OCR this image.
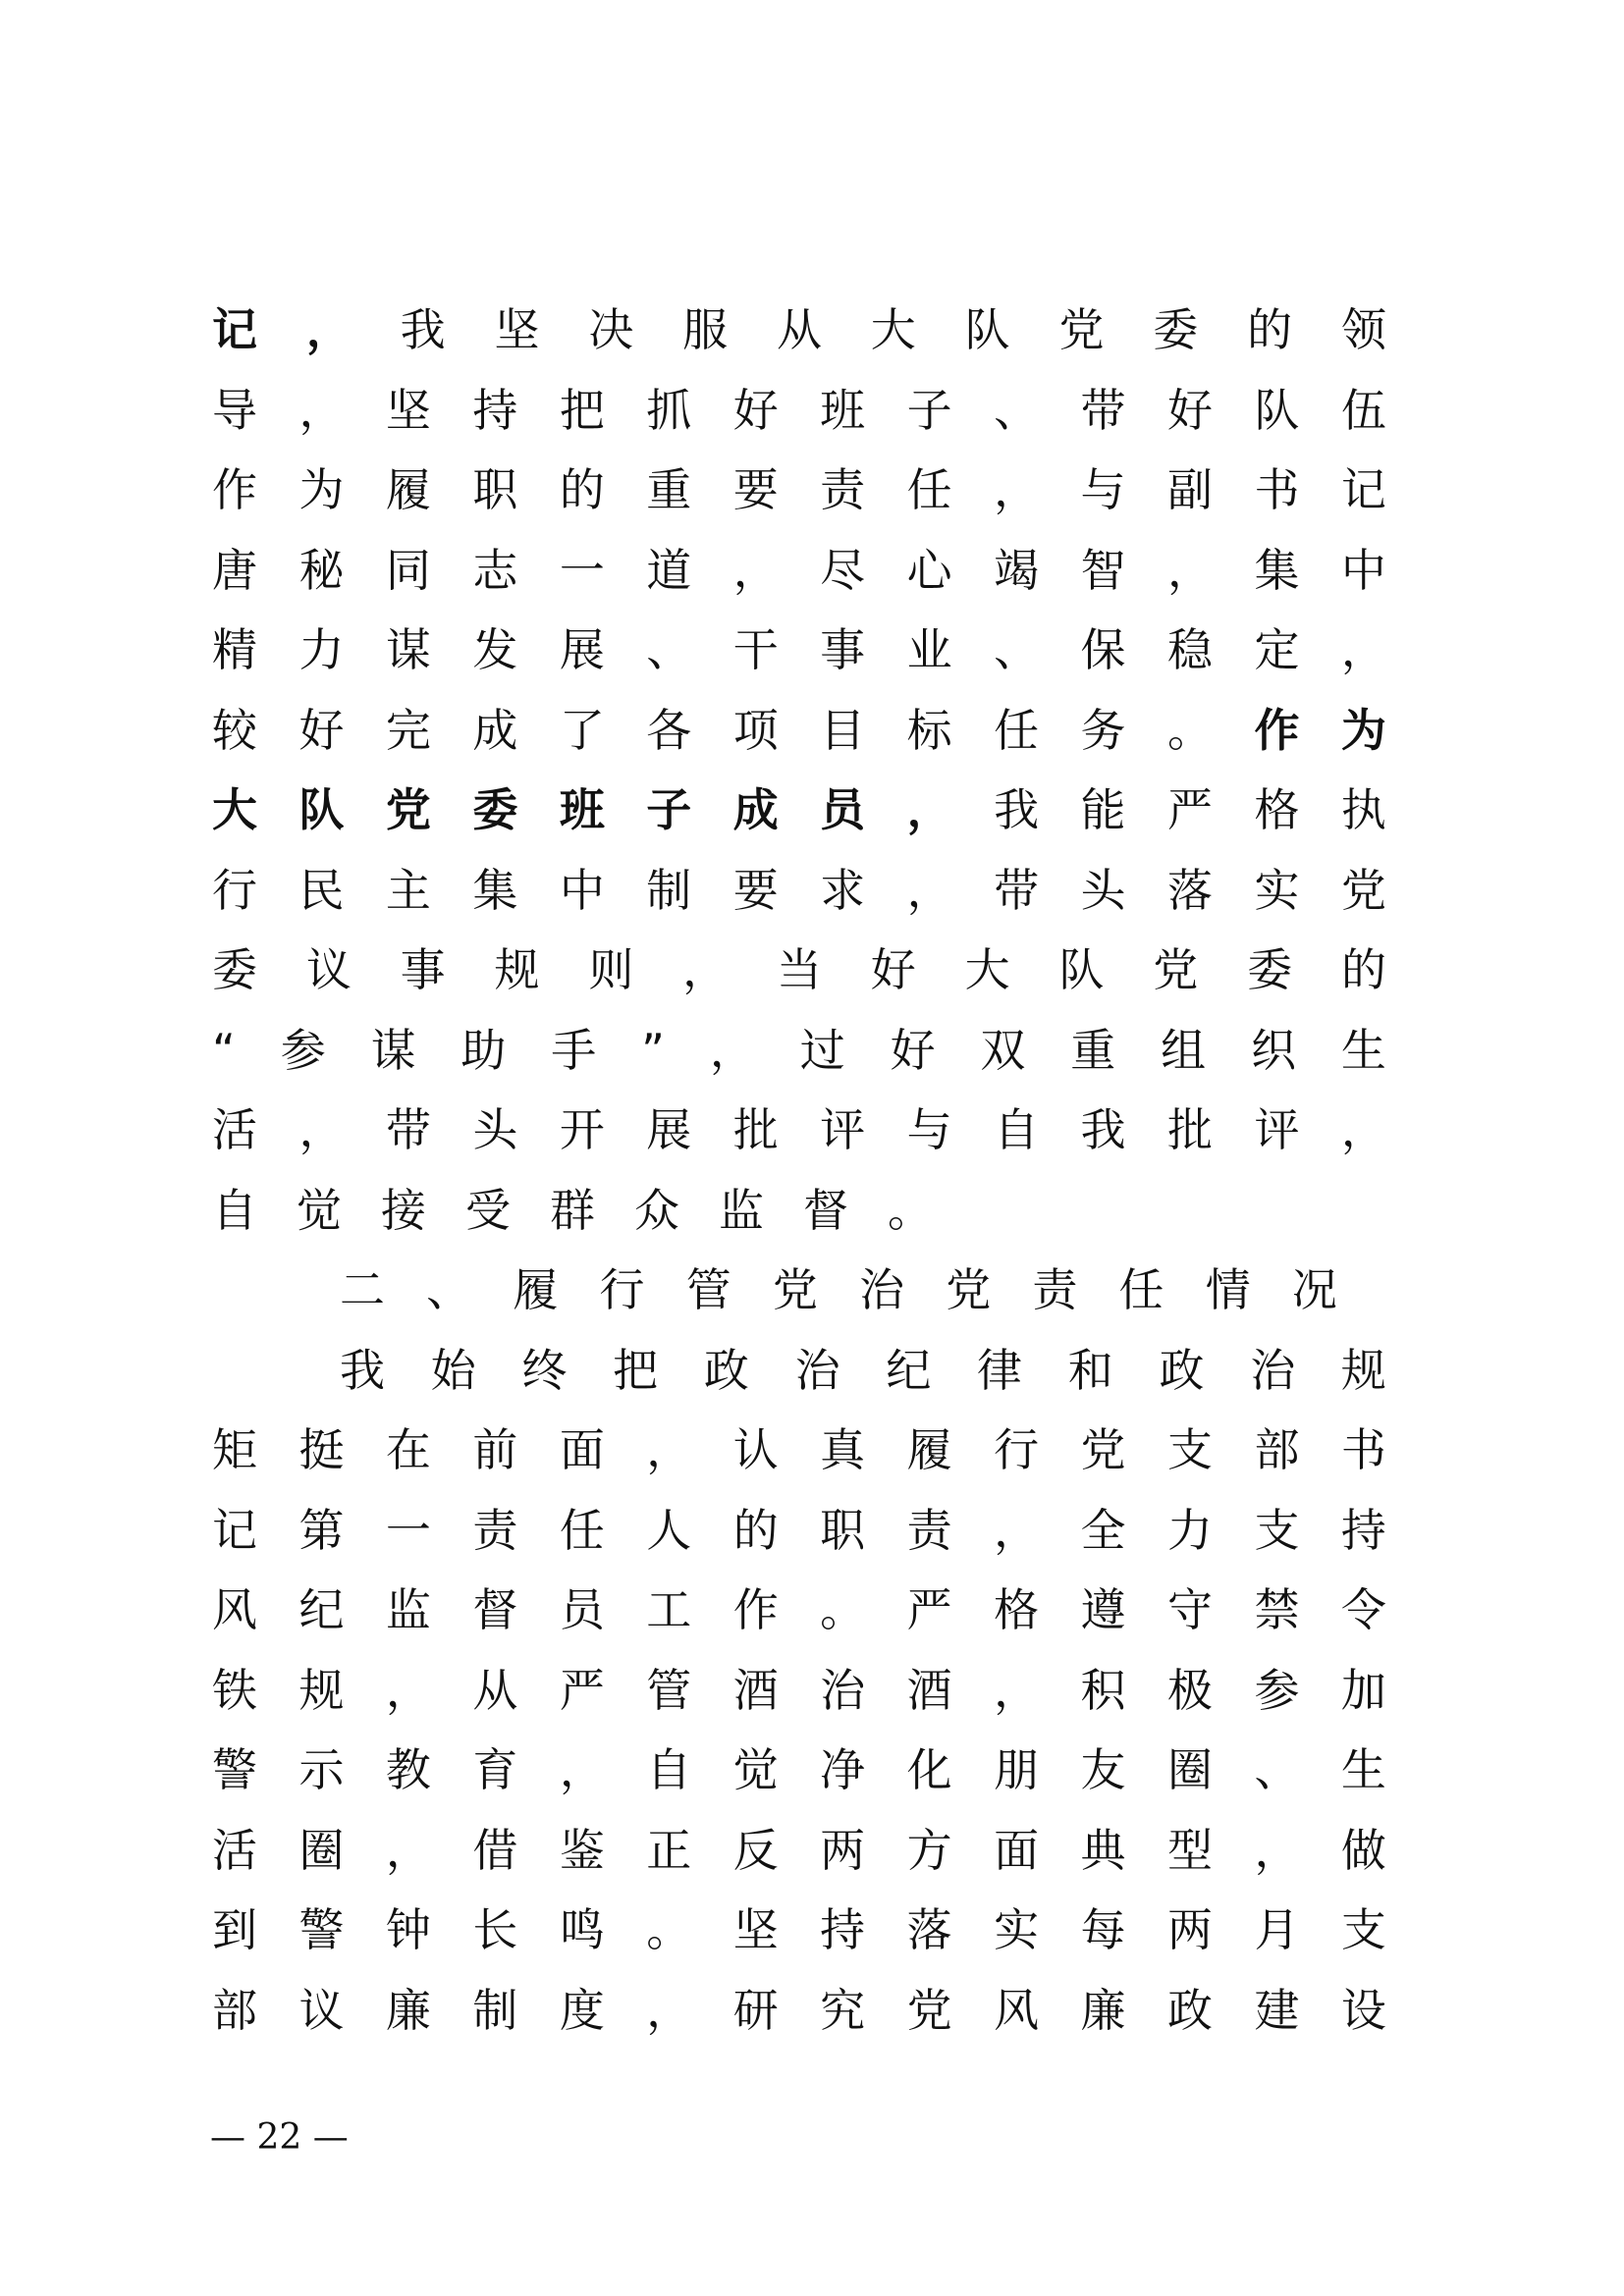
记 ， 我 坚 决 服 从 大 队 党 委 的 领
导 ， 坚 持 把 抓 好 班 子 、 带 好 队 伍
作 为 履 职 的 重 要 责 任 ， 与 副 书 记
唐 秘 同 志 一 道 ， 尽 心 竭 智 ， 集 中
精 力 谋 发 展 、 干 事 业 、 保 稳 定 ，
较 好 完 成 了 各 项 目 标 任 务 。 作 为
大 队 党 委 班 子 成 员 ， 我 能 严 格 执
行 民 主 集 中 制 要 求 ， 带 头 落 实 党
委 议 事 规 则 ， 当 好 大 队 党 委 的
“ 参 谋 助 手 ” ， 过 好 双 重 组 织 生
活 ， 带 头 开 展 批 评 与 自 我 批 评 ，
自 觉 接 受 群 众 监 督 。
二 、 履 行 管 党 治 党 责 任 情 况
我 始 终 把 政 治 纪 律 和 政 治 规
矩 挺 在 前 面 ， 认 真 履 行 党 支 部 书
记 第 一 责 任 人 的 职 责 ， 全 力 支 持
风 纪 监 督 员 工 作 。 严 格 遵 守 禁 令
铁 规 ， 从 严 管 酒 治 酒 ， 积 极 参 加
警 示 教 育 ， 自 觉 净 化 朋 友 圈 、 生
活 圈 ， 借 鉴 正 反 两 方 面 典 型 ， 做
到 警 钟 长 鸣 。 坚 持 落 实 每 两 月 支
部 议 廉 制 度 ， 研 究 党 风 廉 政 建 设
— 22 —
